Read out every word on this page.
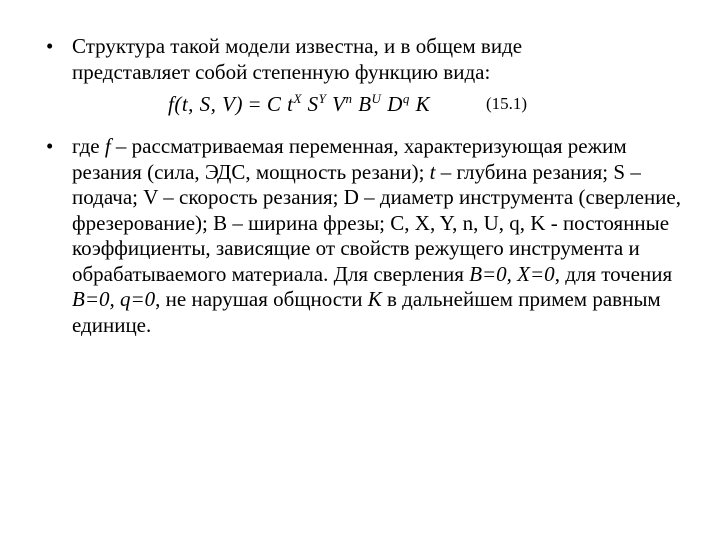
• Структура такой модели известна, и в общем виде
представляет собой степенную функцию вида:
f(t, S, V) = C $t^X$ $S^Y$ $V^n$ $B^U$ $D^q$ K	(15.1)
• где f – рассматриваемая переменная, характеризующая режим резания (сила, ЭДС, мощность резани); t – глубина резания; S – подача; V – скорость резания; D – диаметр инструмента (сверление, фрезерование); В – ширина фрезы; С, X, Y, n, U, q, K - постоянные коэффициенты, зависящие от свойств режущего инструмента и обрабатываемого материала. Для сверления B=0, X=0, для точения B=0, q=0, не нарушая общности К в дальнейшем примем равным единице.
